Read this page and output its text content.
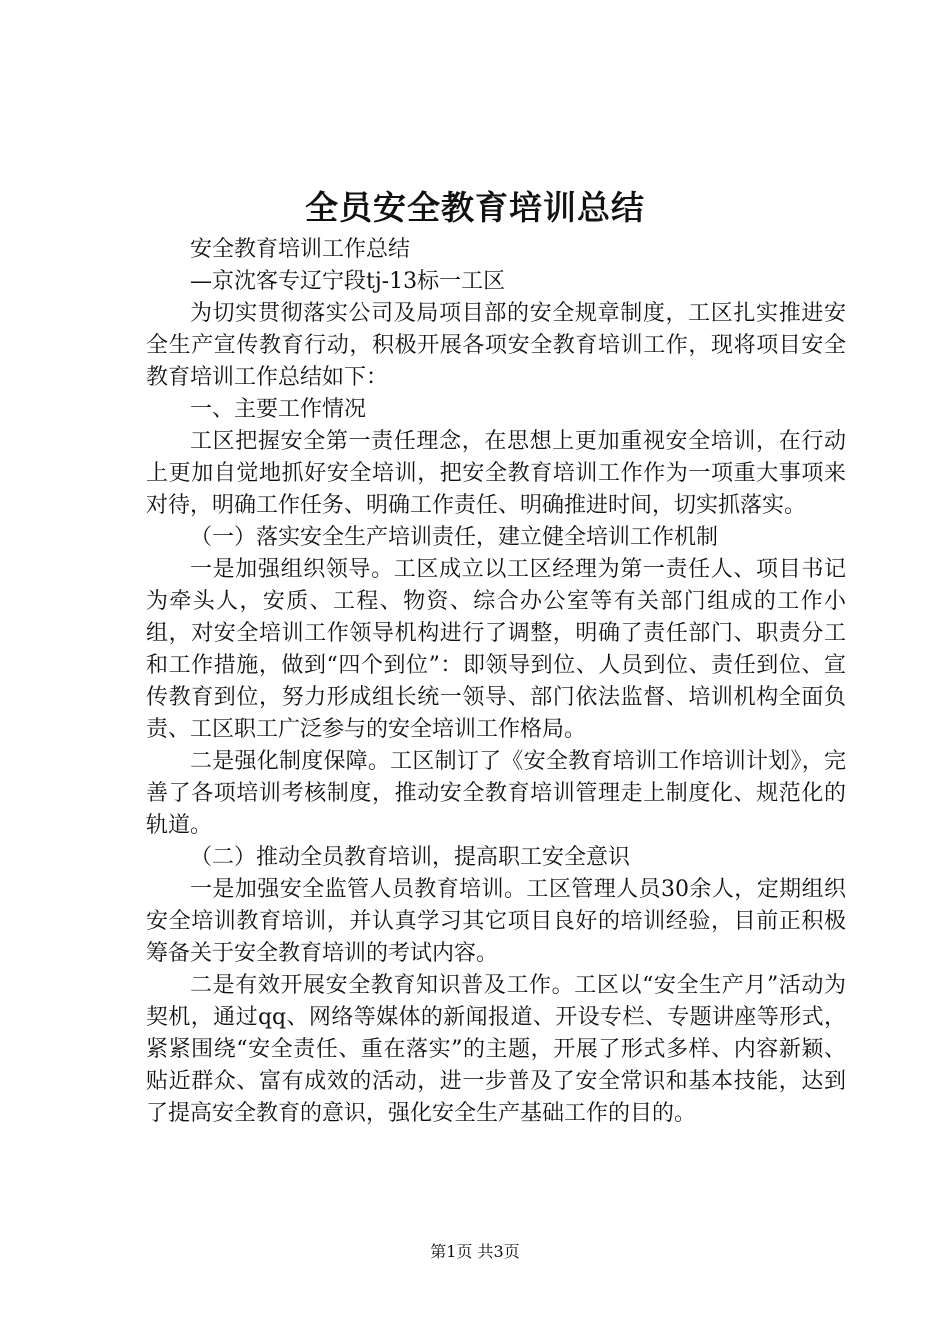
全员安全教育培训总结

安全教育培训工作总结

—京沈客专辽宁段tj-13标一工区

为切实贯彻落实公司及局项目部的安全规章制度，工区扎实推进安全生产宣传教育行动，积极开展各项安全教育培训工作，现将项目安全教育培训工作总结如下：

一、主要工作情况

工区把握安全第一责任理念，在思想上更加重视安全培训，在行动上更加自觉地抓好安全培训，把安全教育培训工作作为一项重大事项来对待，明确工作任务、明确工作责任、明确推进时间，切实抓落实。

（一）落实安全生产培训责任，建立健全培训工作机制

一是加强组织领导。工区成立以工区经理为第一责任人、项目书记为牵头人，安质、工程、物资、综合办公室等有关部门组成的工作小组，对安全培训工作领导机构进行了调整，明确了责任部门、职责分工和工作措施，做到“四个到位”：即领导到位、人员到位、责任到位、宣传教育到位，努力形成组长统一领导、部门依法监督、培训机构全面负责、工区职工广泛参与的安全培训工作格局。

二是强化制度保障。工区制订了《安全教育培训工作培训计划》，完善了各项培训考核制度，推动安全教育培训管理走上制度化、规范化的轨道。

（二）推动全员教育培训，提高职工安全意识

一是加强安全监管人员教育培训。工区管理人员30余人，定期组织安全培训教育培训，并认真学习其它项目良好的培训经验，目前正积极筹备关于安全教育培训的考试内容。

二是有效开展安全教育知识普及工作。工区以“安全生产月”活动为契机，通过qq、网络等媒体的新闻报道、开设专栏、专题讲座等形式，紧紧围绕“安全责任、重在落实”的主题，开展了形式多样、内容新颖、贴近群众、富有成效的活动，进一步普及了安全常识和基本技能，达到了提高安全教育的意识，强化安全生产基础工作的目的。

第1页 共3页
